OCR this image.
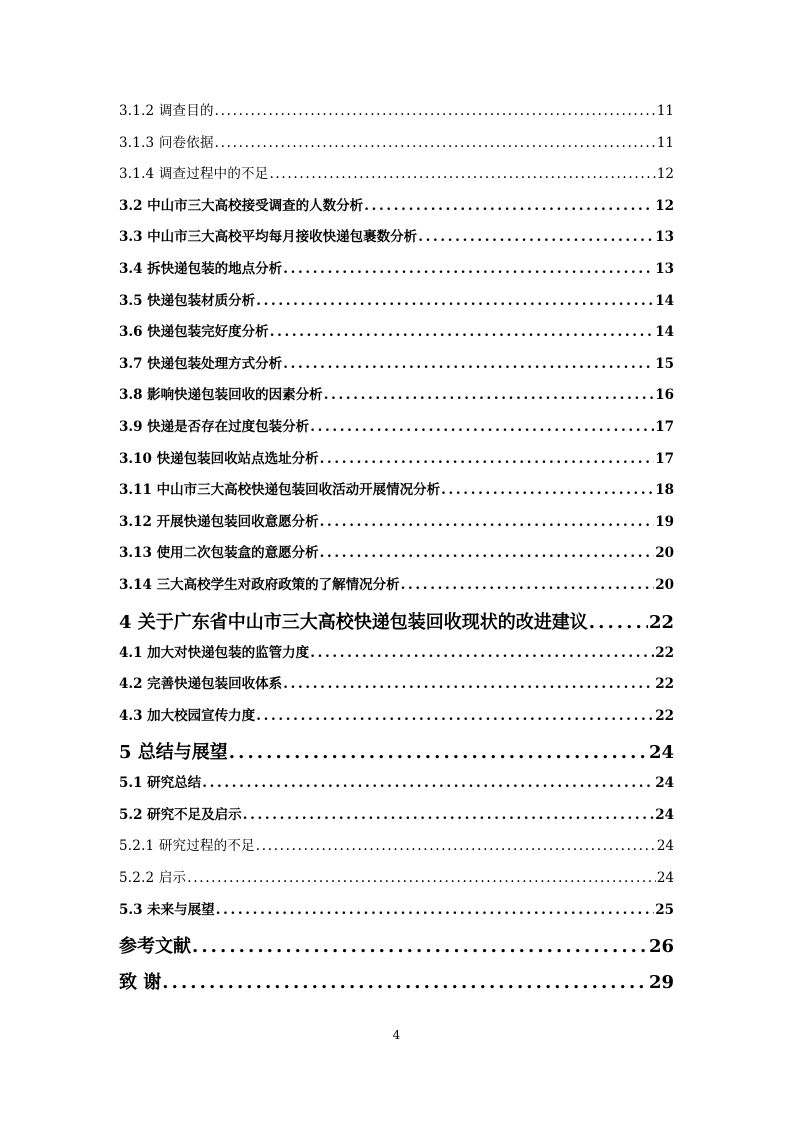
3.1.2 调查目的 . . .	11
3.1.3 问卷依据 . . .	11
3.1.4 调查过程中的不足 . . .	12
3.2 中山市三大高校接受调查的人数分析 . . .	12
3.3 中山市三大高校平均每月接收快递包裹数分析 . . .	13
3.4 拆快递包装的地点分析 . . .	13
3.5 快递包装材质分析 . . .	14
3.6 快递包装完好度分析 . . .	14
3.7 快递包装处理方式分析 . . .	15
3.8 影响快递包装回收的因素分析 . . .	16
3.9 快递是否存在过度包装分析 . . .	17
3.10 快递包装回收站点选址分析 . . .	17
3.11 中山市三大高校快递包装回收活动开展情况分析 . . .	18
3.12 开展快递包装回收意愿分析 . . .	19
3.13 使用二次包装盒的意愿分析 . . .	20
3.14 三大高校学生对政府政策的了解情况分析 . . .	20
4 关于广东省中山市三大高校快递包装回收现状的改进建议 . . .	22
4.1 加大对快递包装的监管力度 . . .	22
4.2 完善快递包装回收体系 . . .	22
4.3 加大校园宣传力度 . . .	22
5 总结与展望 . . .	24
5.1 研究总结 . . .	24
5.2 研究不足及启示 . . .	24
5.2.1 研究过程的不足 . . .	24
5.2.2 启示 . . .	24
5.3 未来与展望 . . .	25
参考文献 . . .	26
致 谢 . . .	29
4
